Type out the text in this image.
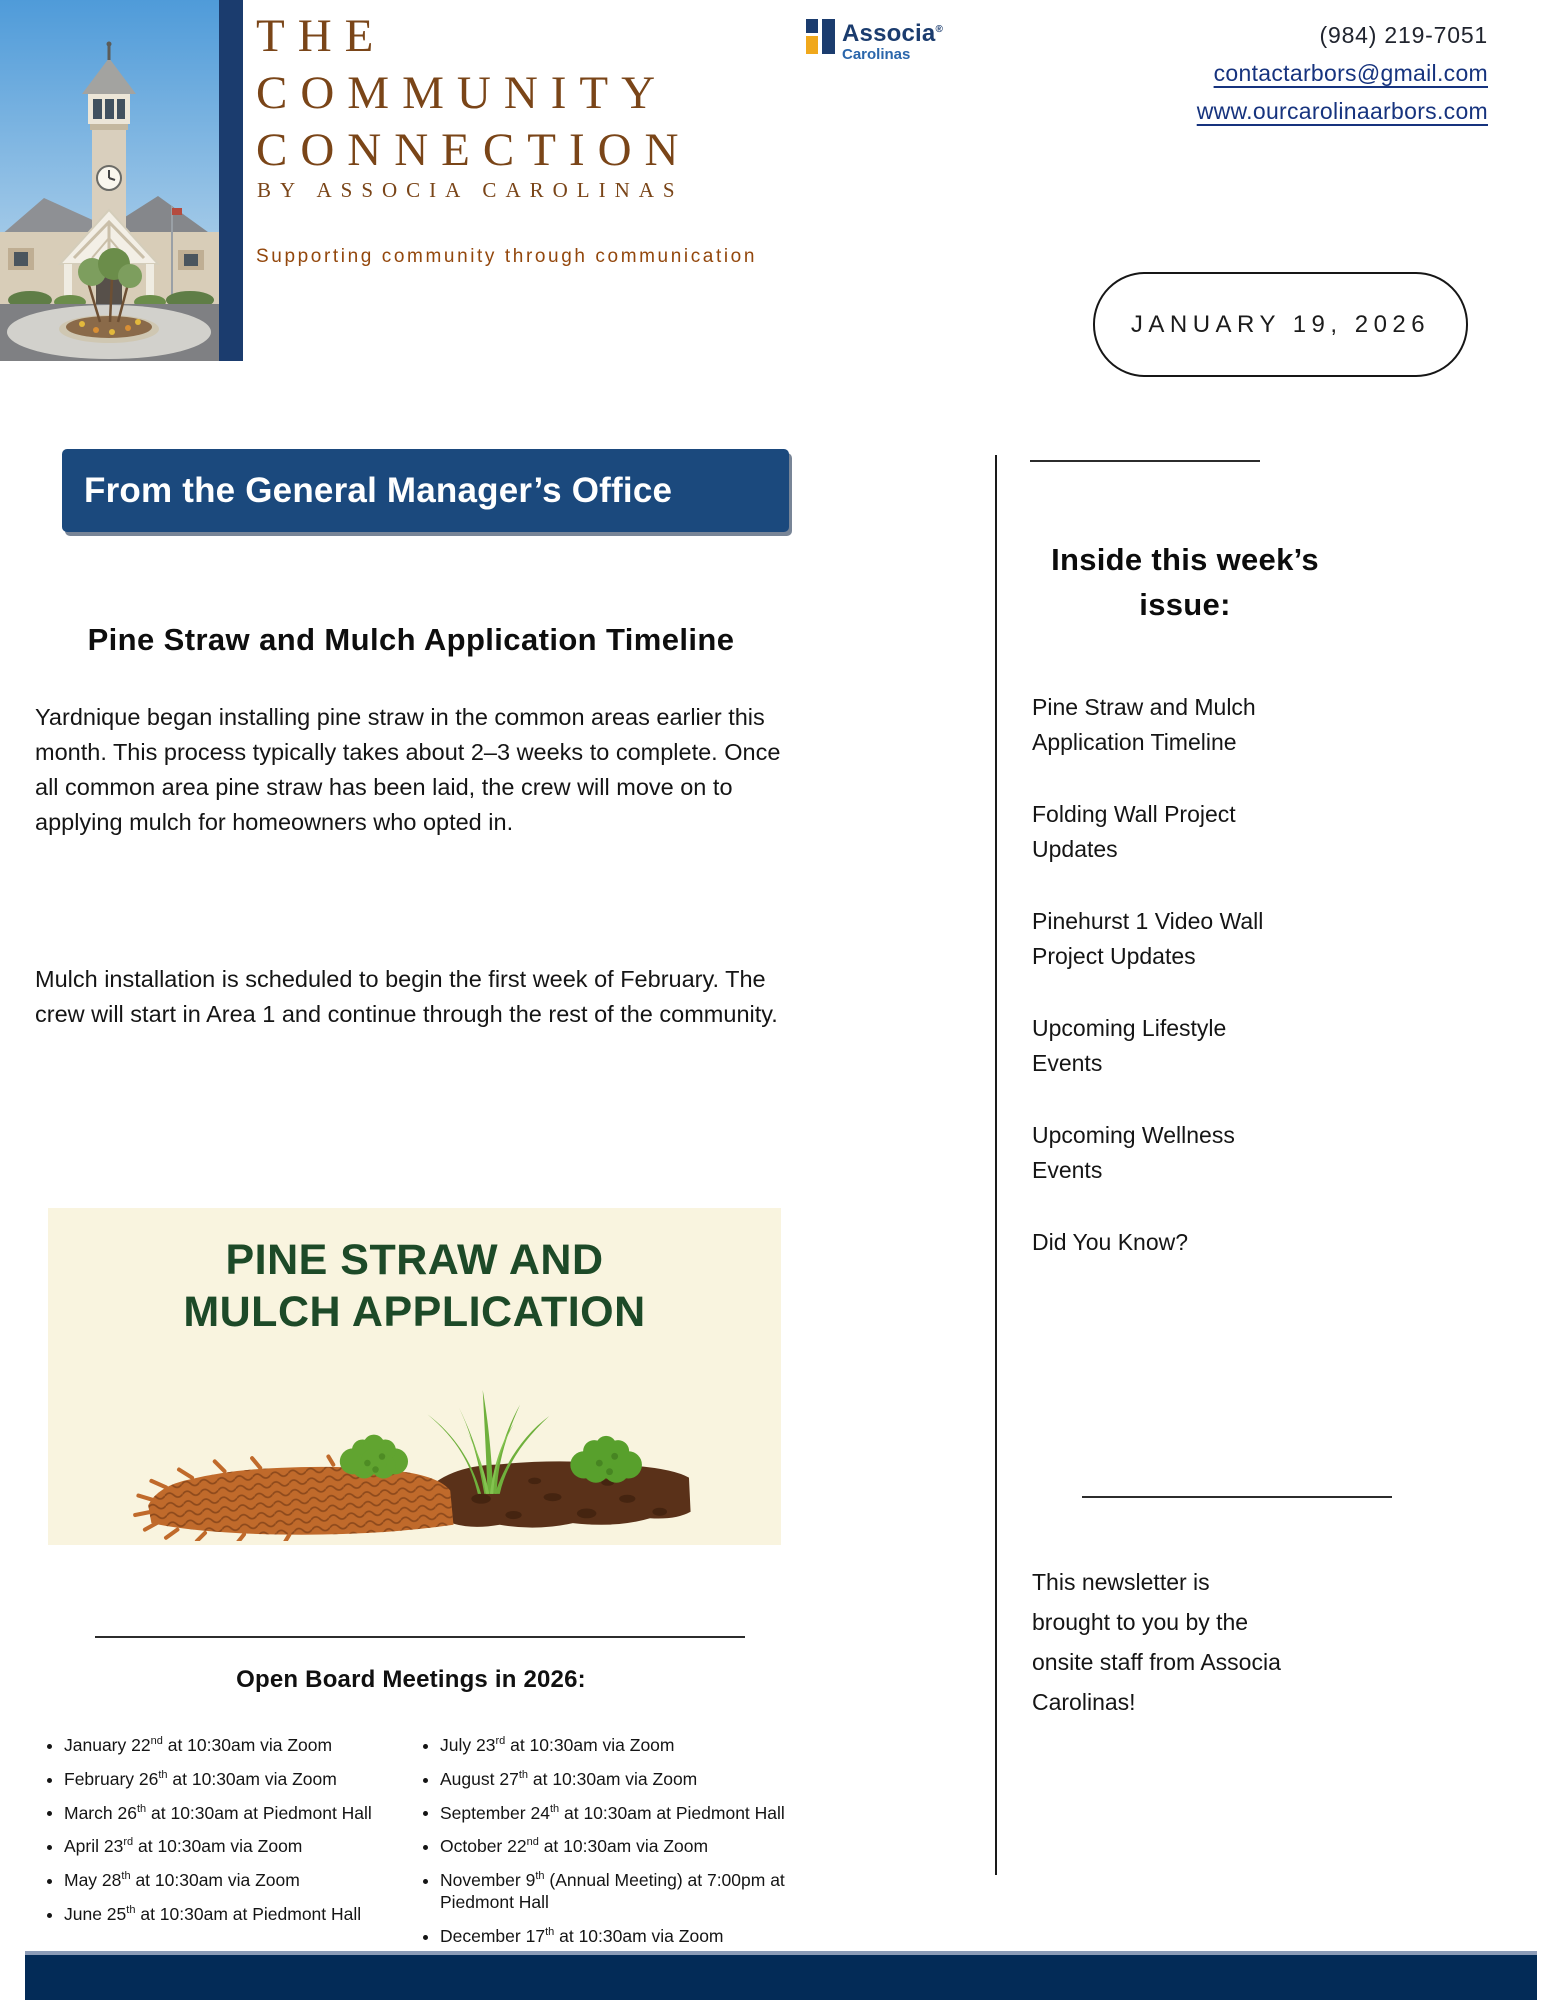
THE
COMMUNITY
CONNECTION
BY ASSOCIA CAROLINAS
Supporting community through communication
Associa®
Carolinas
(984) 219-7051
contactarbors@gmail.com
www.ourcarolinaarbors.com
JANUARY 19, 2026
From the General Manager’s Office
Pine Straw and Mulch Application Timeline

Yardnique began installing pine straw in the common areas earlier this month. This process typically takes about 2–3 weeks to complete. Once all common area pine straw has been laid, the crew will move on to applying mulch for homeowners who opted in.

Mulch installation is scheduled to begin the first week of February. The crew will start in Area 1 and continue through the rest of the community.

PINE STRAW AND
MULCH APPLICATION
Open Board Meetings in 2026:
• January 22nd at 10:30am via Zoom
• February 26th at 10:30am via Zoom
• March 26th at 10:30am at Piedmont Hall
• April 23rd at 10:30am via Zoom
• May 28th at 10:30am via Zoom
• June 25th at 10:30am at Piedmont Hall
• July 23rd at 10:30am via Zoom
• August 27th at 10:30am via Zoom
• September 24th at 10:30am at Piedmont Hall
• October 22nd at 10:30am via Zoom
• November 9th (Annual Meeting) at 7:00pm at Piedmont Hall
• December 17th at 10:30am via Zoom
Inside this week’s issue:
Pine Straw and Mulch Application Timeline
Folding Wall Project Updates
Pinehurst 1 Video Wall Project Updates
Upcoming Lifestyle Events
Upcoming Wellness Events
Did You Know?
This newsletter is brought to you by the onsite staff from Associa Carolinas!
